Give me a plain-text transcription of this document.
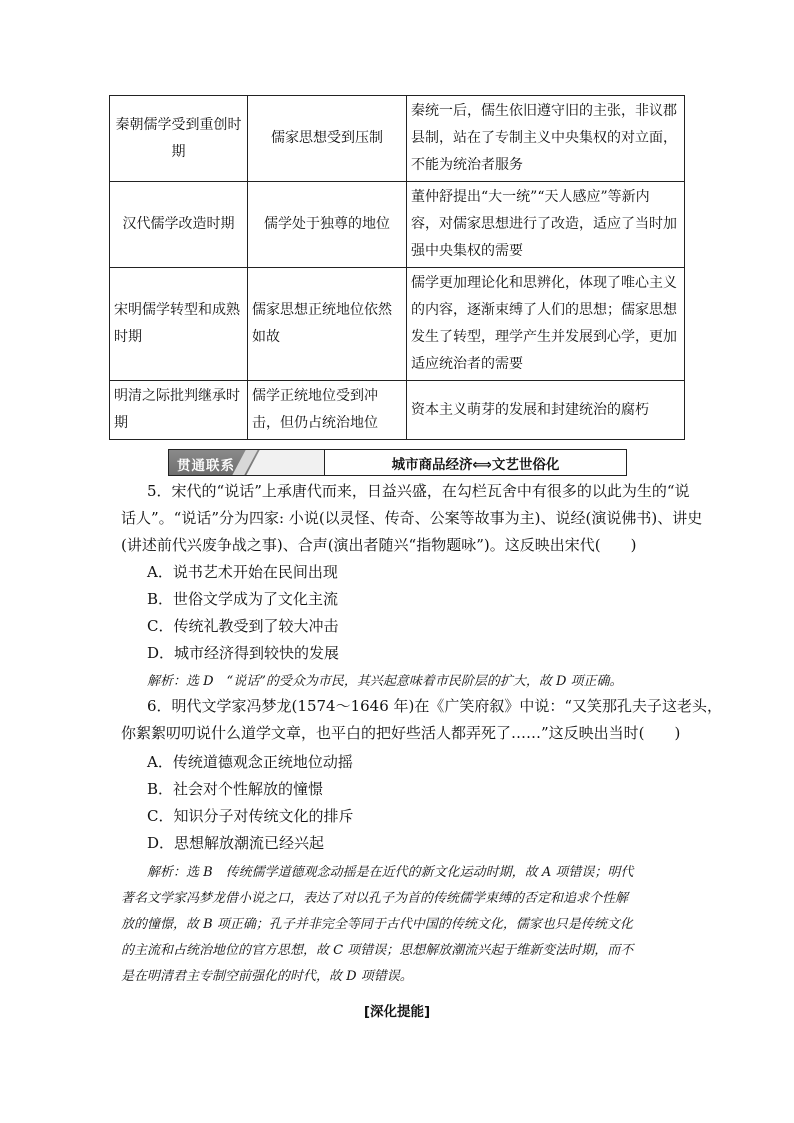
秦朝儒学受到重创时期	儒家思想受到压制	秦统一后，儒生依旧遵守旧的主张，非议郡
县制，站在了专制主义中央集权的对立面，
不能为统治者服务

汉代儒学改造时期	儒学处于独尊的地位	董仲舒提出“大一统”“天人感应”等新内
容，对儒家思想进行了改造，适应了当时加
强中央集权的需要

宋明儒学转型和成熟时期	儒家思想正统地位依然如故	儒学更加理论化和思辨化，体现了唯心主义
的内容，逐渐束缚了人们的思想；儒家思想
发生了转型，理学产生并发展到心学，更加
适应统治者的需要

明清之际批判继承时期	儒学正统地位受到冲击，但仍占统治地位	资本主义萌芽的发展和封建统治的腐朽
贯通联系	城市商品经济⟺文艺世俗化
5．宋代的“说话”上承唐代而来，日益兴盛，在勾栏瓦舍中有很多的以此为生的“说
话人”。“说话”分为四家: 小说(以灵怪、传奇、公案等故事为主)、说经(演说佛书)、讲史
(讲述前代兴废争战之事)、合声(演出者随兴“指物题咏”)。这反映出宋代(　　)
A．说书艺术开始在民间出现
B．世俗文学成为了文化主流
C．传统礼教受到了较大冲击
D．城市经济得到较快的发展
解析：选 D　“说话”的受众为市民，其兴起意味着市民阶层的扩大，故 D 项正确。
6．明代文学家冯梦龙(1574～1646 年)在《广笑府叙》中说：“又笑那孔夫子这老头，
你絮絮叨叨说什么道学文章，也平白的把好些活人都弄死了……”这反映出当时(　　)
A．传统道德观念正统地位动摇
B．社会对个性解放的憧憬
C．知识分子对传统文化的排斥
D．思想解放潮流已经兴起
解析：选 B　传统儒学道德观念动摇是在近代的新文化运动时期，故 A 项错误；明代
著名文学家冯梦龙借小说之口，表达了对以孔子为首的传统儒学束缚的否定和追求个性解
放的憧憬，故 B 项正确；孔子并非完全等同于古代中国的传统文化，儒家也只是传统文化
的主流和占统治地位的官方思想，故 C 项错误；思想解放潮流兴起于维新变法时期，而不
是在明清君主专制空前强化的时代，故 D 项错误。
[深化提能]
